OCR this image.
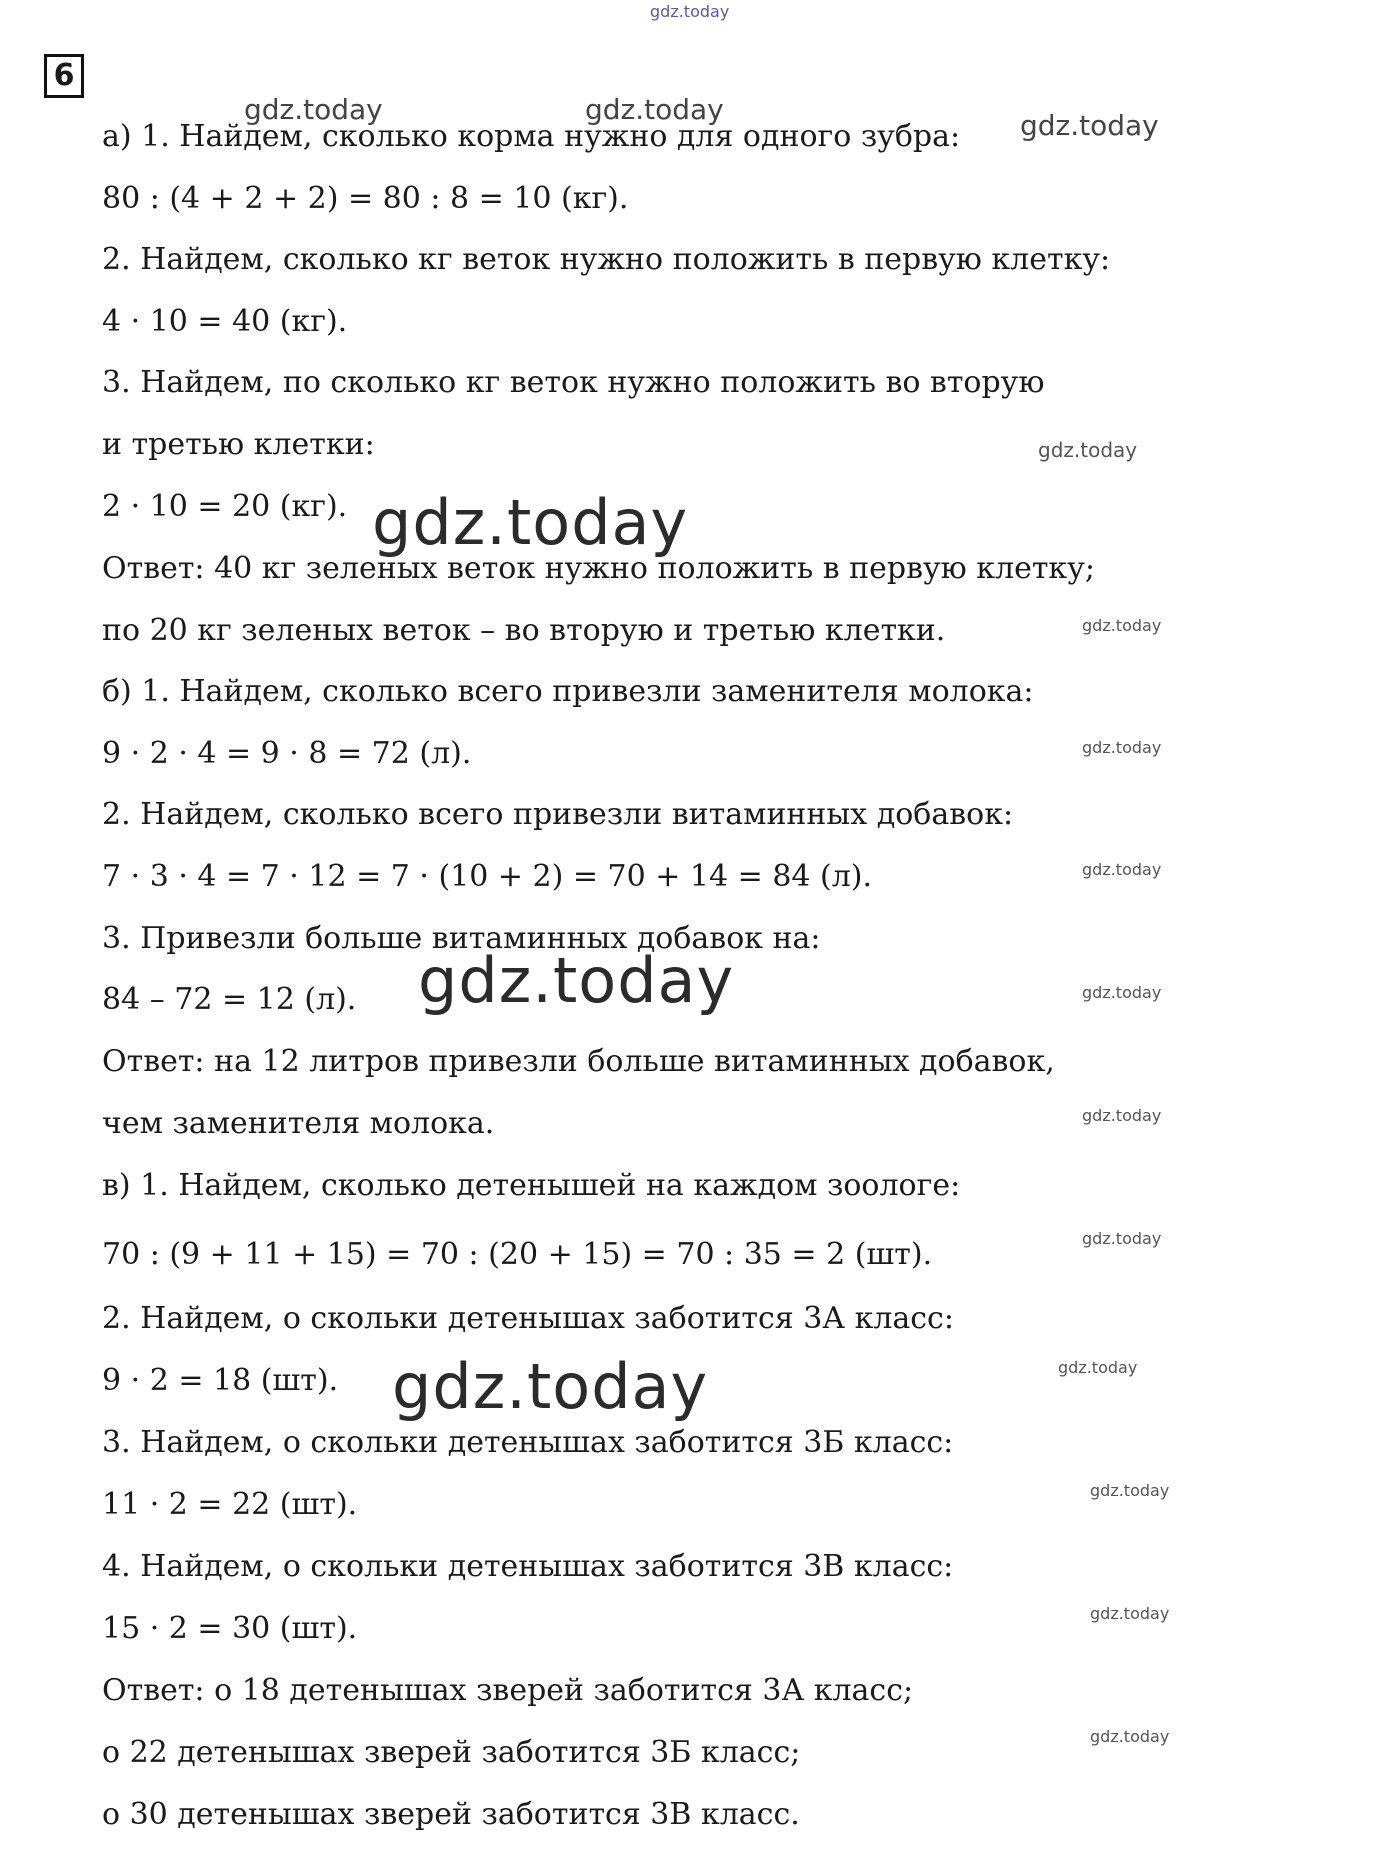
6
а) 1. Найдем, сколько корма нужно для одного зубра:
80 : (4 + 2 + 2) = 80 : 8 = 10 (кг).
2. Найдем, сколько кг веток нужно положить в первую клетку:
4 · 10 = 40 (кг).
3. Найдем, по сколько кг веток нужно положить во вторую
и третью клетки:
2 · 10 = 20 (кг).
Ответ: 40 кг зеленых веток нужно положить в первую клетку;
по 20 кг зеленых веток – во вторую и третью клетки.
б) 1. Найдем, сколько всего привезли заменителя молока:
9 · 2 · 4 = 9 · 8 = 72 (л).
2. Найдем, сколько всего привезли витаминных добавок:
7 · 3 · 4 = 7 · 12 = 7 · (10 + 2) = 70 + 14 = 84 (л).
3. Привезли больше витаминных добавок на:
84 – 72 = 12 (л).
Ответ: на 12 литров привезли больше витаминных добавок,
чем заменителя молока.
в) 1. Найдем, сколько детенышей на каждом зоологе:
70 : (9 + 11 + 15) = 70 : (20 + 15) = 70 : 35 = 2 (шт).
2. Найдем, о скольки детенышах заботится 3А класс:
9 · 2 = 18 (шт).
3. Найдем, о скольки детенышах заботится 3Б класс:
11 · 2 = 22 (шт).
4. Найдем, о скольки детенышах заботится 3В класс:
15 · 2 = 30 (шт).
Ответ: о 18 детенышах зверей заботится 3А класс;
о 22 детенышах зверей заботится 3Б класс;
о 30 детенышах зверей заботится 3В класс.
gdz.today
gdz.today	gdz.today	gdz.today
gdz.today
gdz.today
gdz.today
gdz.today
gdz.today
gdz.today	gdz.today
gdz.today
gdz.today
gdz.today
gdz.today
gdz.today
gdz.today
gdz.today
